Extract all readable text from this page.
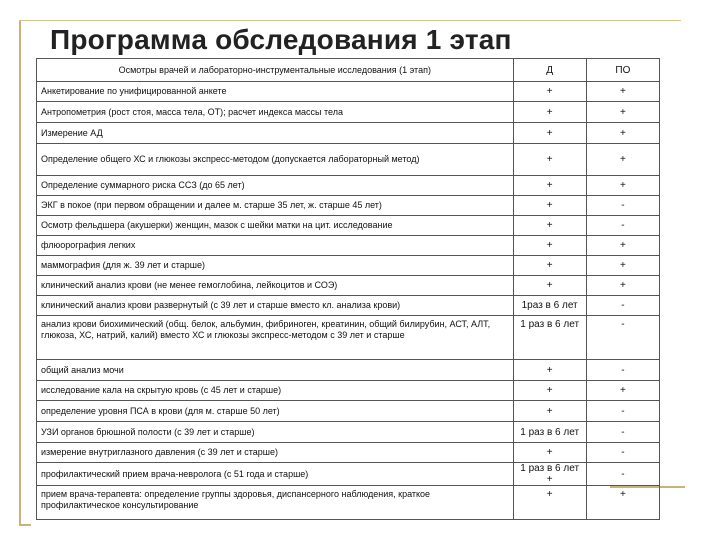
Программа обследования 1 этап
Осмотры врачей и лабораторно-инструментальные исследования (1 этап)	Д	ПО
Анкетирование по унифицированной анкете	+	+
Антропометрия (рост стоя, масса тела, ОТ); расчет индекса массы тела	+	+
Измерение АД	+	+
Определение общего ХС и глюкозы экспресс-методом (допускается лабораторный метод)	+	+
Определение суммарного риска ССЗ (до 65 лет)	+	+
ЭКГ в покое (при первом обращении и далее м. старше 35 лет, ж. старше 45 лет)	+	-
Осмотр фельдшера (акушерки) женщин, мазок с шейки матки на цит. исследование	+	-
флюорография легких	+	+
маммография (для ж. 39 лет и старше)	+	+
клинический анализ крови (не менее гемоглобина, лейкоцитов и СОЭ)	+	+
клинический анализ крови развернутый (с 39 лет и старше вместо кл. анализа крови)	1раз в 6 лет	-
анализ крови биохимический (общ. белок, альбумин, фибриноген, креатинин, общий билирубин, АСТ, АЛТ, глюкоза, ХС, натрий, калий) вместо ХС и глюкозы экспресс-методом с 39 лет и старше	1 раз в 6 лет	-
общий анализ мочи	+	-
исследование кала на скрытую кровь (с 45 лет и старше)	+	+
определение уровня ПСА в крови (для м. старше 50 лет)	+	-
УЗИ органов брюшной полости (с 39 лет и старше)	1 раз в 6 лет	-
измерение внутриглазного давления (с 39 лет и старше)	+	-
профилактический прием врача-невролога (с 51 года и старше)	1 раз в 6 лет +	-
прием врача-терапевта: определение группы здоровья, диспансерного наблюдения, краткое профилактическое консультирование	+	+
